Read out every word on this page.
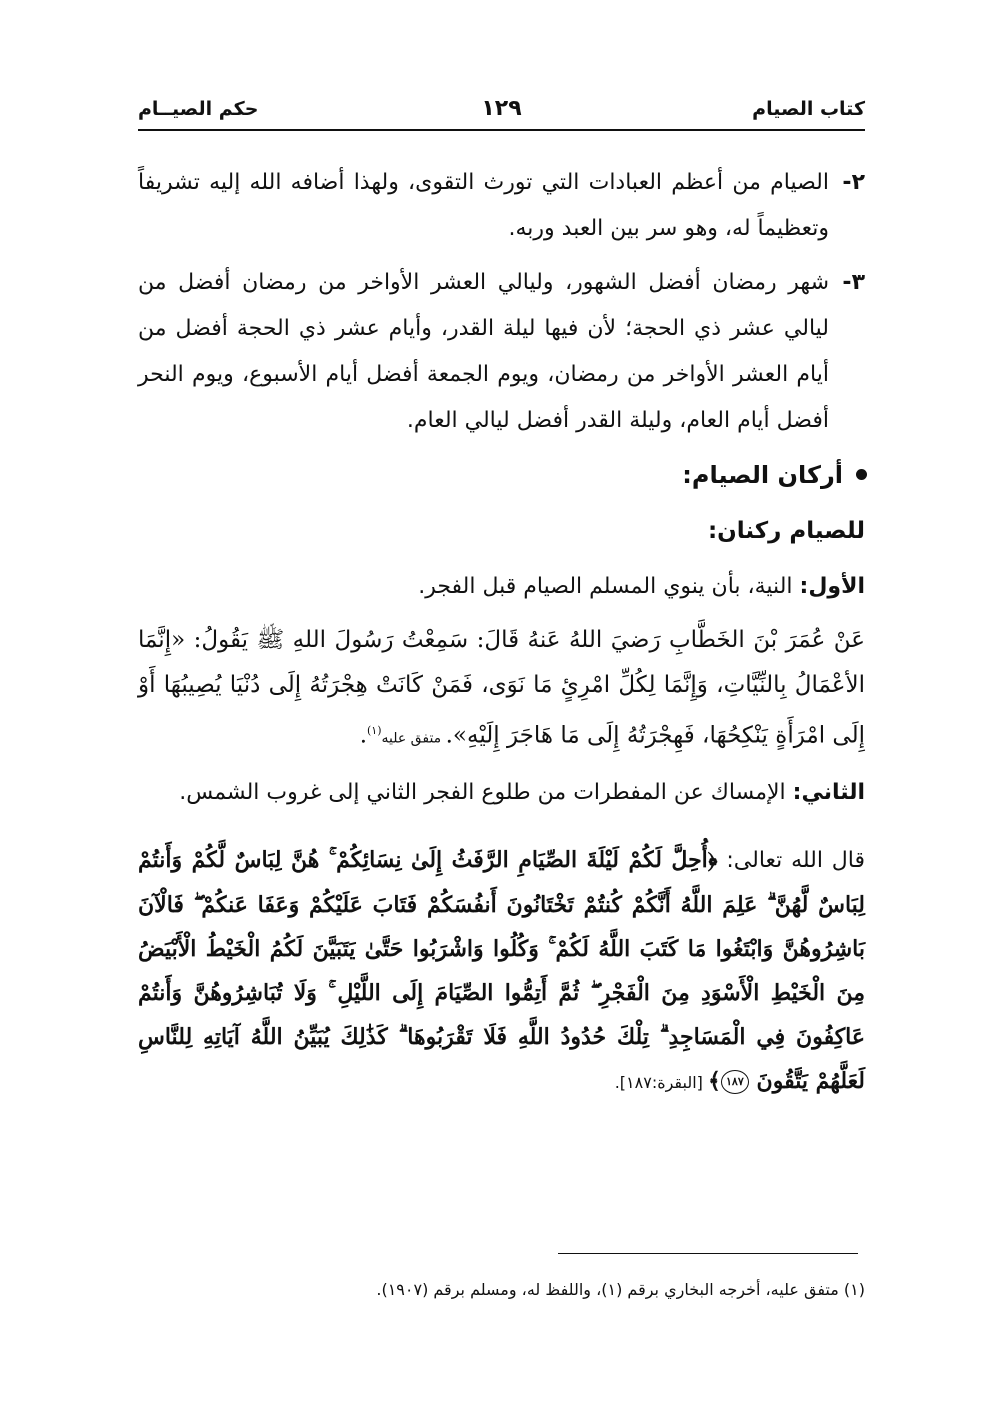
كتاب الصيام
١٢٩
حكم الصيــام

٢-
الصيام من أعظم العبادات التي تورث التقوى، ولهذا أضافه الله إليه تشريفاً وتعظيماً له، وهو سر بين العبد وربه.

٣-
شهر رمضان أفضل الشهور، وليالي العشر الأواخر من رمضان أفضل من ليالي عشر ذي الحجة؛ لأن فيها ليلة القدر، وأيام عشر ذي الحجة أفضل من أيام العشر الأواخر من رمضان، ويوم الجمعة أفضل أيام الأسبوع، ويوم النحر أفضل أيام العام، وليلة القدر أفضل ليالي العام.

أركان الصيام:
للصيام ركنان:

الأول: النية، بأن ينوي المسلم الصيام قبل الفجر.

عَنْ عُمَرَ بْنَ الخَطَّابِ رَضيَ اللهُ عَنهُ قَالَ: سَمِعْتُ رَسُولَ اللهِ ﷺ يَقُولُ: «إِنَّمَا الأعْمَالُ بِالنِّيَّاتِ، وَإِنَّمَا لِكُلِّ امْرِئٍ مَا نَوَى، فَمَنْ كَانَتْ هِجْرَتُهُ إِلَى دُنْيَا يُصِيبُهَا أَوْ إِلَى امْرَأَةٍ يَنْكِحُهَا، فَهِجْرَتُهُ إِلَى مَا هَاجَرَ إِلَيْهِ». متفق عليه$^{(١)}$.

الثاني: الإمساك عن المفطرات من طلوع الفجر الثاني إلى غروب الشمس.

قال الله تعالى: ﴿أُحِلَّ لَكُمْ لَيْلَةَ الصِّيَامِ الرَّفَثُ إِلَىٰ نِسَائِكُمْ ۚ هُنَّ لِبَاسٌ لَّكُمْ وَأَنتُمْ لِبَاسٌ لَّهُنَّ ۗ عَلِمَ اللَّهُ أَنَّكُمْ كُنتُمْ تَخْتَانُونَ أَنفُسَكُمْ فَتَابَ عَلَيْكُمْ وَعَفَا عَنكُمْ ۖ فَالْآنَ بَاشِرُوهُنَّ وَابْتَغُوا مَا كَتَبَ اللَّهُ لَكُمْ ۚ وَكُلُوا وَاشْرَبُوا حَتَّىٰ يَتَبَيَّنَ لَكُمُ الْخَيْطُ الْأَبْيَضُ مِنَ الْخَيْطِ الْأَسْوَدِ مِنَ الْفَجْرِ ۖ ثُمَّ أَتِمُّوا الصِّيَامَ إِلَى اللَّيْلِ ۚ وَلَا تُبَاشِرُوهُنَّ وَأَنتُمْ عَاكِفُونَ فِي الْمَسَاجِدِ ۗ تِلْكَ حُدُودُ اللَّهِ فَلَا تَقْرَبُوهَا ۗ كَذَٰلِكَ يُبَيِّنُ اللَّهُ آيَاتِهِ لِلنَّاسِ لَعَلَّهُمْ يَتَّقُونَ ١٨٧﴾ [البقرة:١٨٧].

(١) متفق عليه، أخرجه البخاري برقم (١)، واللفظ له، ومسلم برقم (١٩٠٧).
